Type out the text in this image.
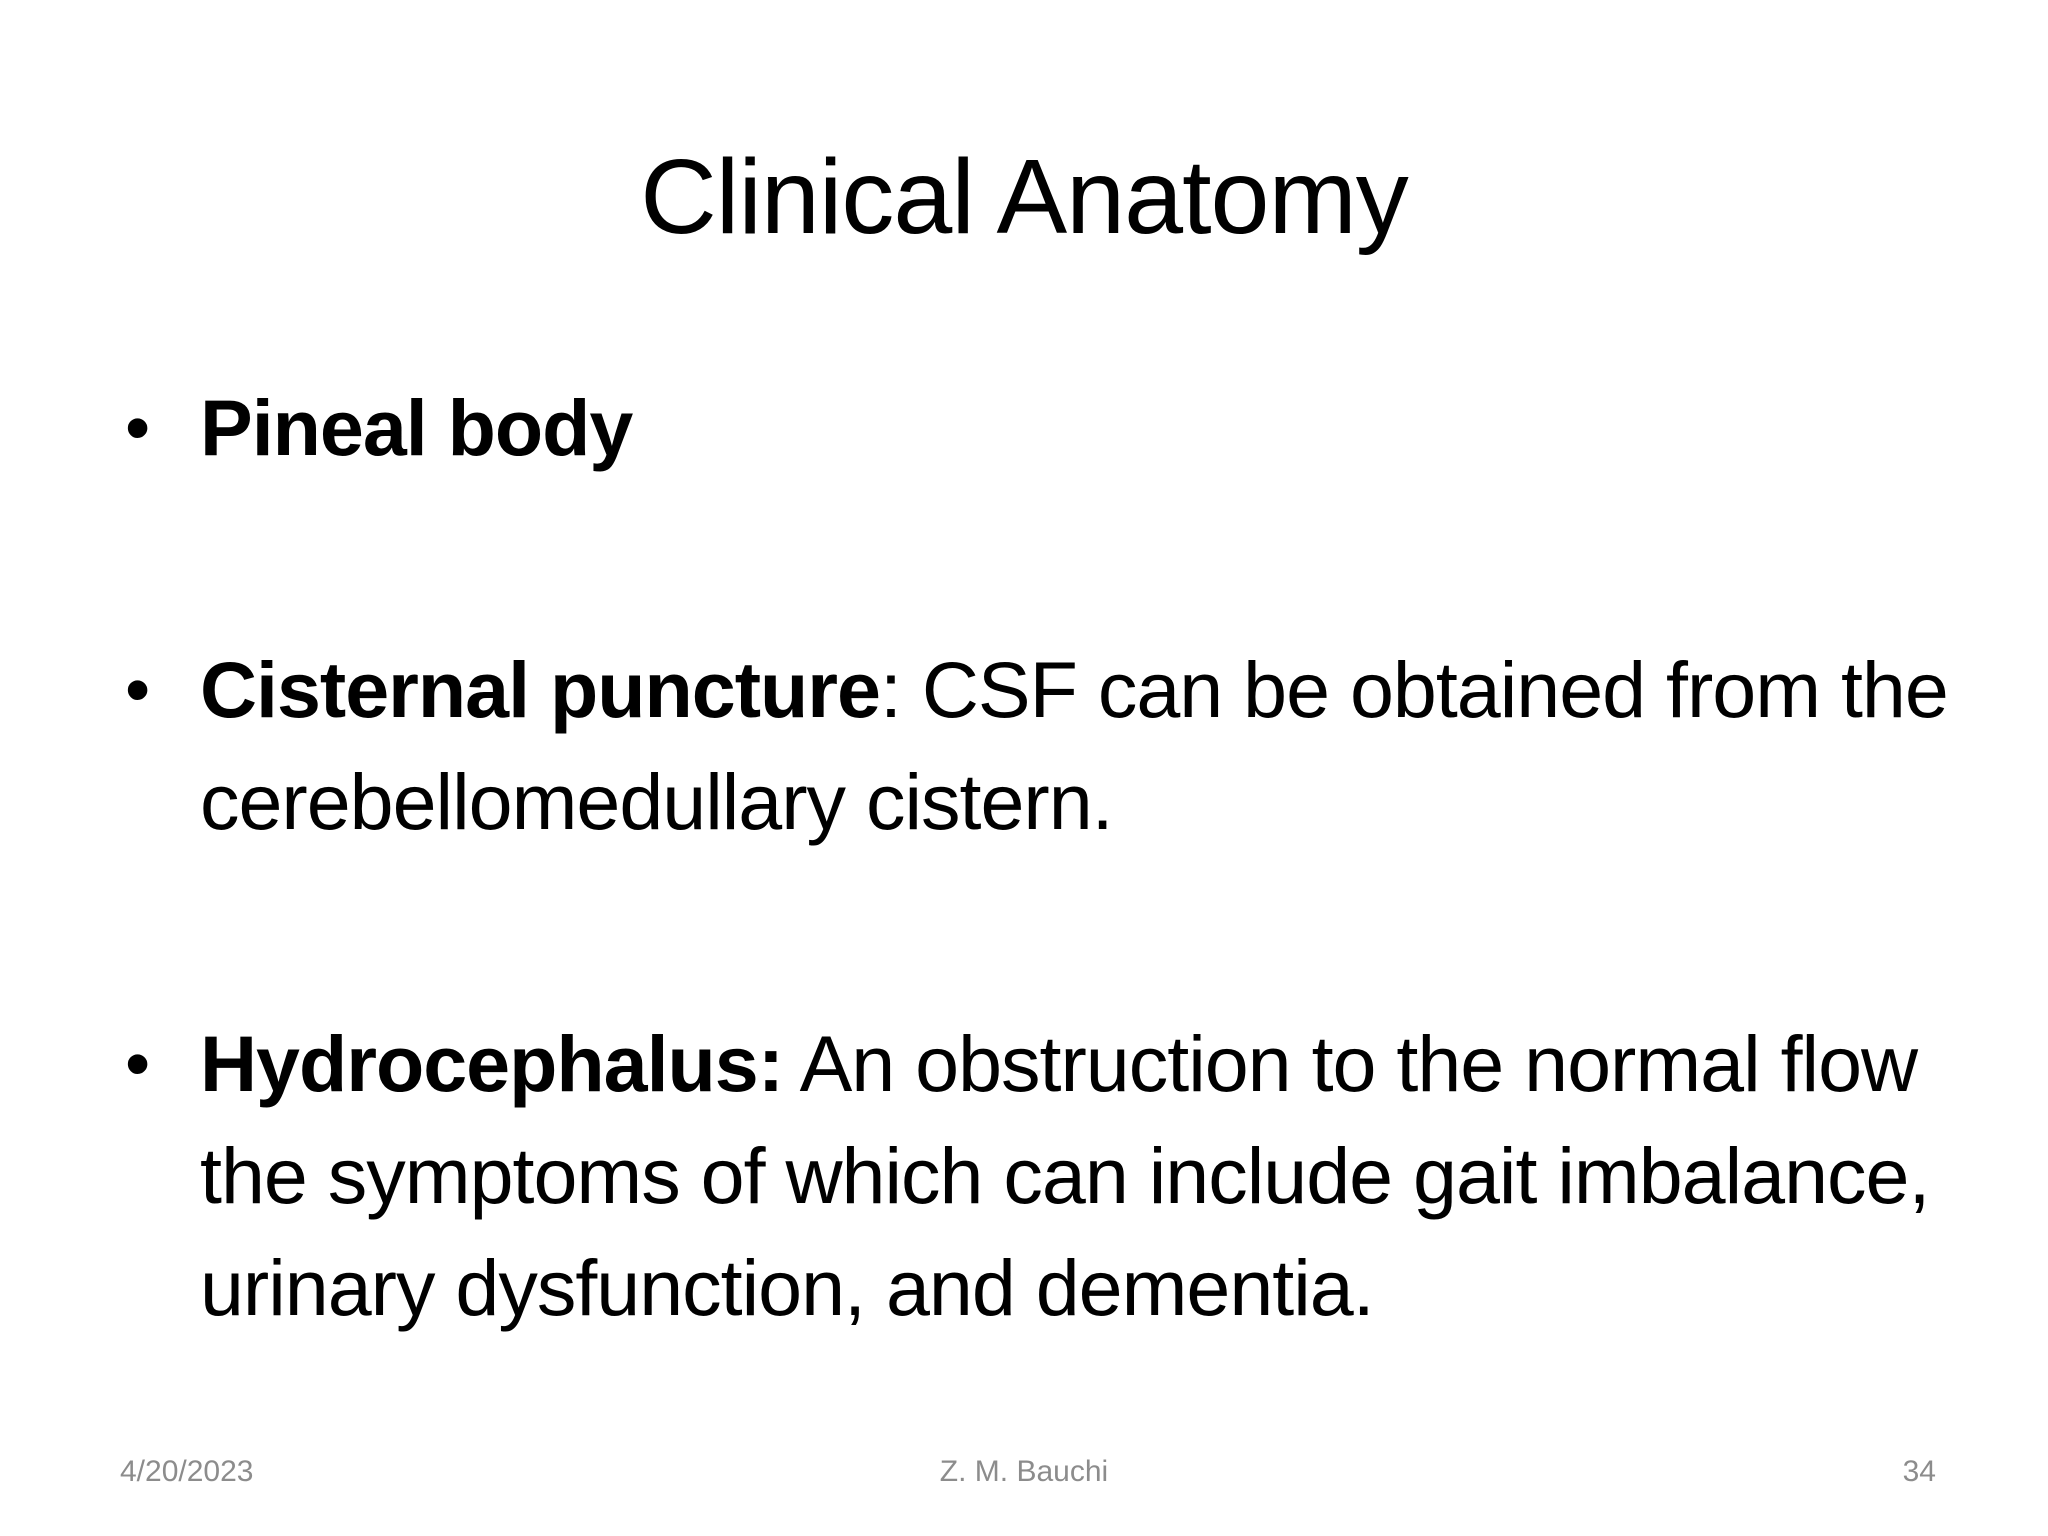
Clinical Anatomy
• Pineal body
• Cisternal puncture: CSF can be obtained from the cerebellomedullary cistern.
• Hydrocephalus: An obstruction to the normal flow the symptoms of which can include gait imbalance, urinary dysfunction, and dementia.
4/20/2023	Z. M. Bauchi	34
